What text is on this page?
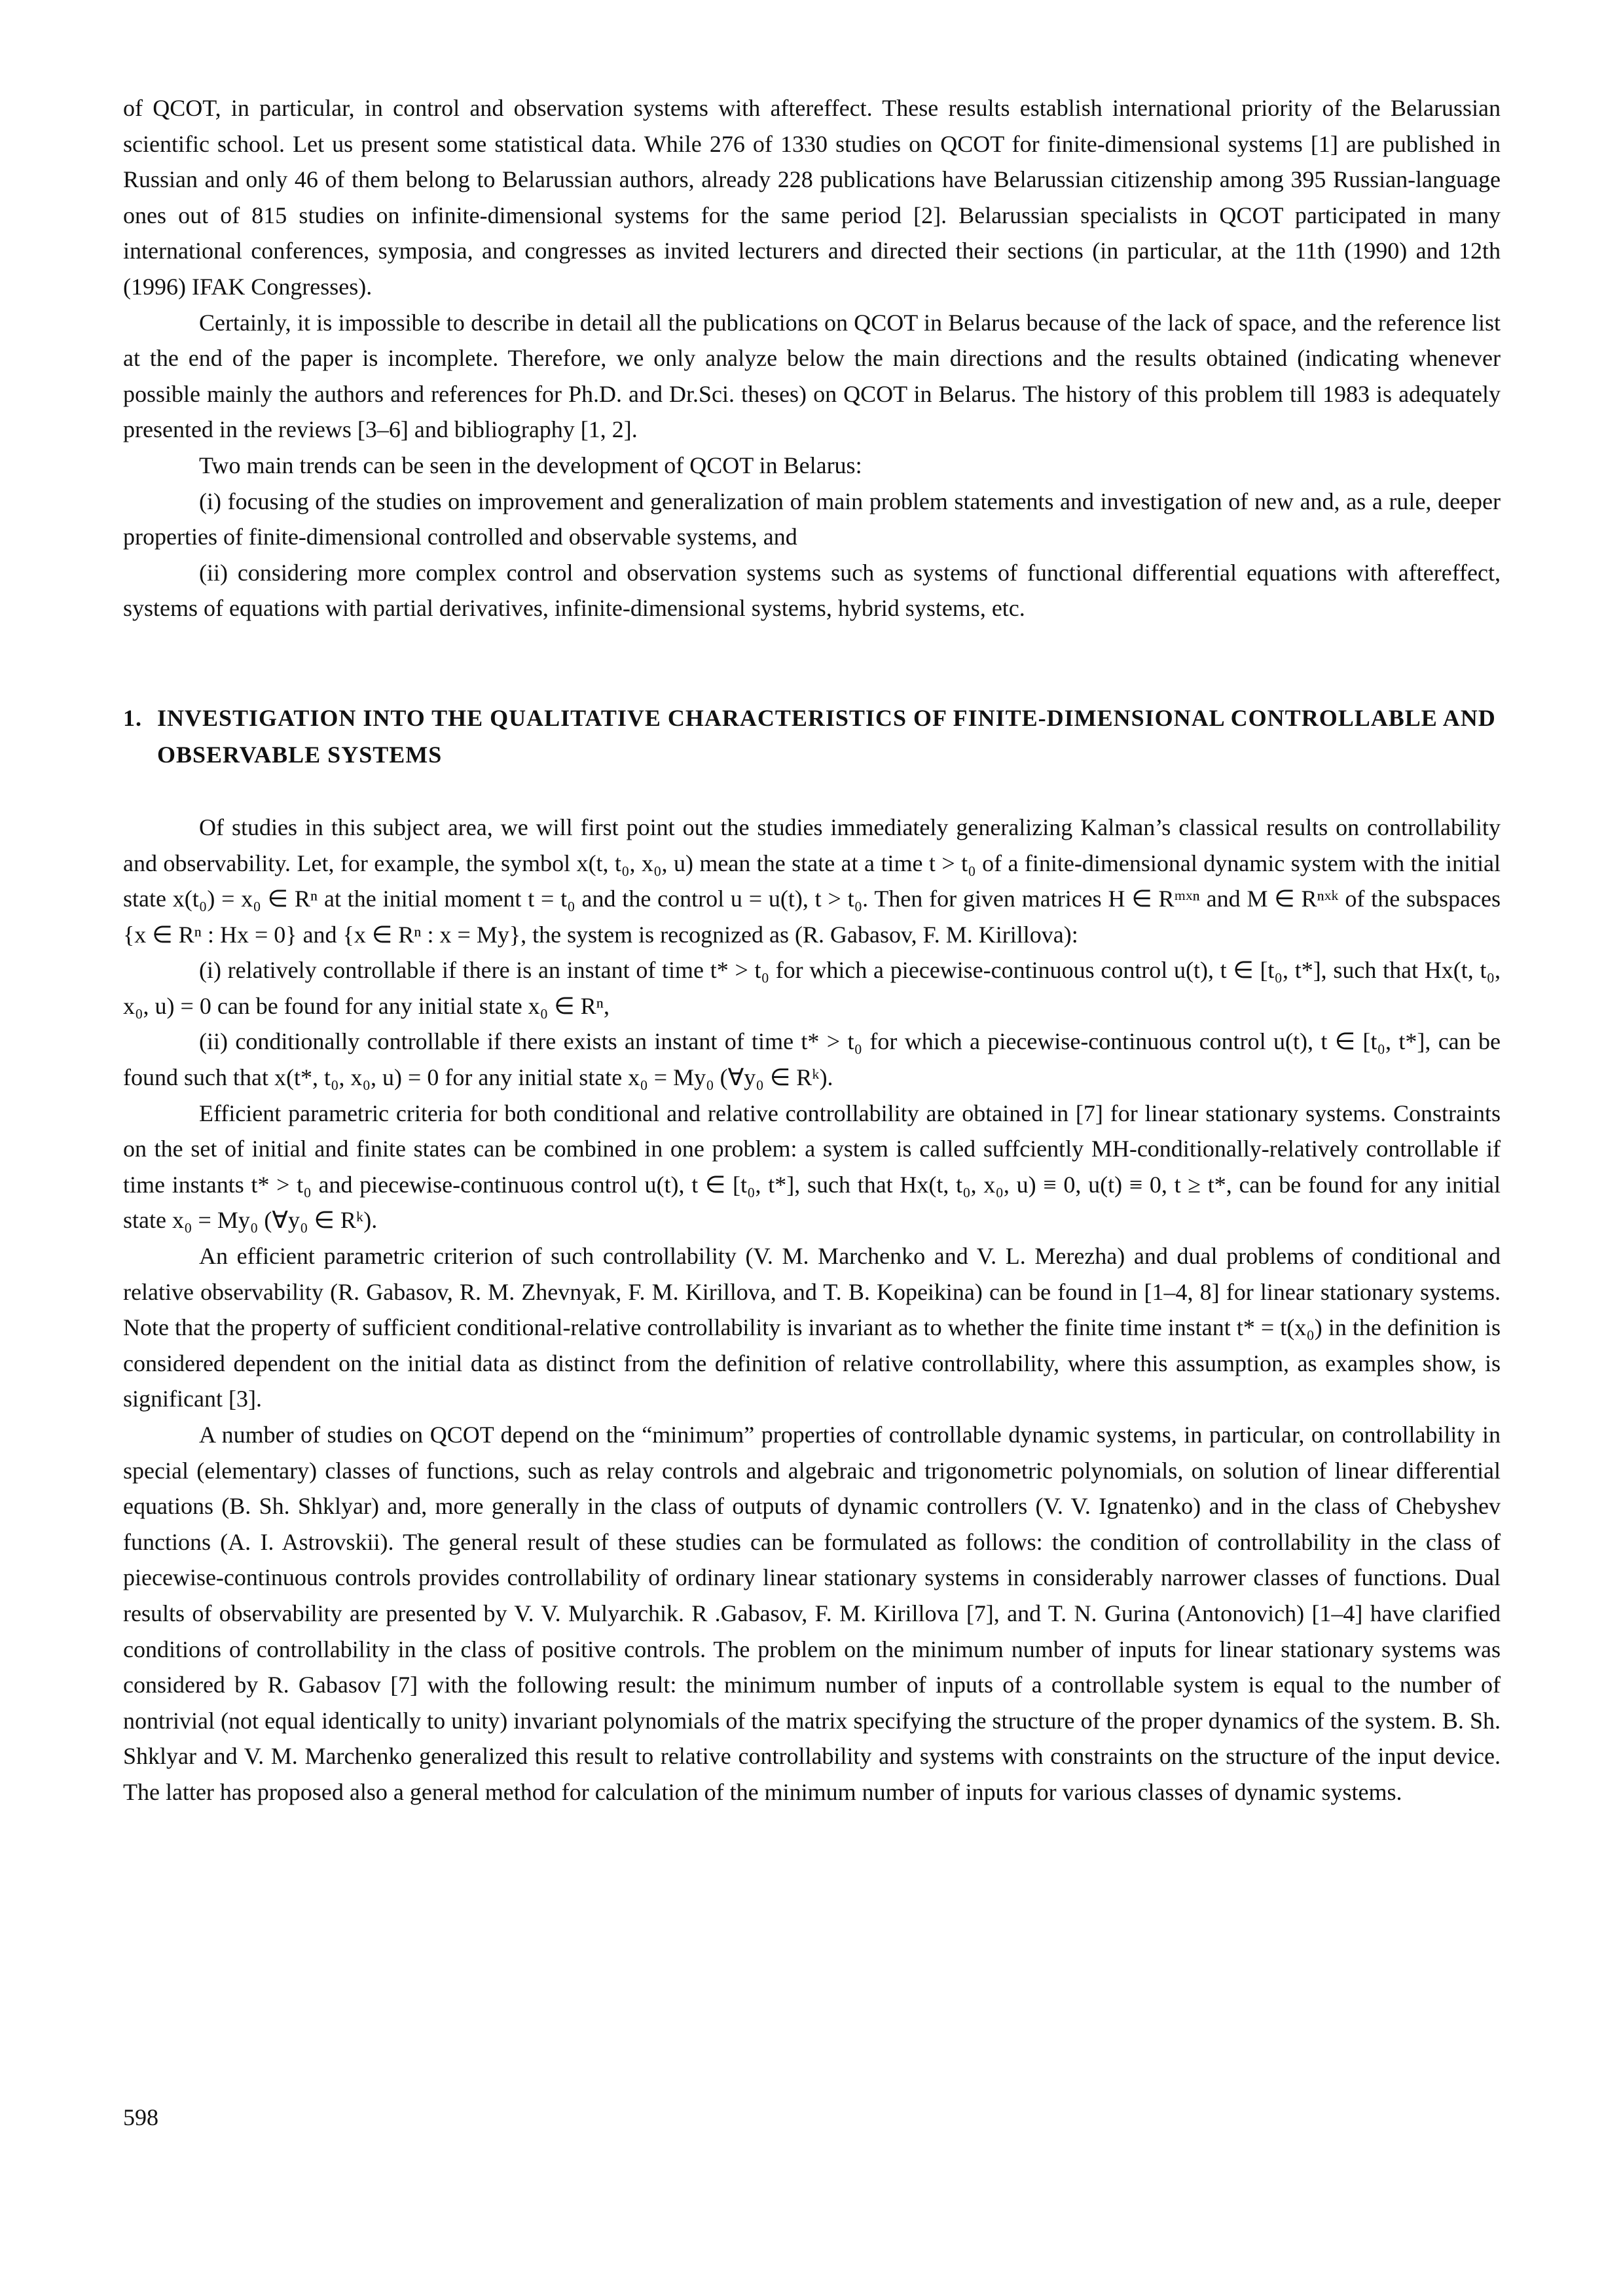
of QCOT, in particular, in control and observation systems with aftereffect. These results establish international priority of the Belarussian scientific school. Let us present some statistical data. While 276 of 1330 studies on QCOT for finite-dimensional systems [1] are published in Russian and only 46 of them belong to Belarussian authors, already 228 publications have Belarussian citizenship among 395 Russian-language ones out of 815 studies on infinite-dimensional systems for the same period [2]. Belarussian specialists in QCOT participated in many international conferences, symposia, and congresses as invited lecturers and directed their sections (in particular, at the 11th (1990) and 12th (1996) IFAK Congresses).

Certainly, it is impossible to describe in detail all the publications on QCOT in Belarus because of the lack of space, and the reference list at the end of the paper is incomplete. Therefore, we only analyze below the main directions and the results obtained (indicating whenever possible mainly the authors and references for Ph.D. and Dr.Sci. theses) on QCOT in Belarus. The history of this problem till 1983 is adequately presented in the reviews [3–6] and bibliography [1, 2].

Two main trends can be seen in the development of QCOT in Belarus:

(i) focusing of the studies on improvement and generalization of main problem statements and investigation of new and, as a rule, deeper properties of finite-dimensional controlled and observable systems, and

(ii) considering more complex control and observation systems such as systems of functional differential equations with aftereffect, systems of equations with partial derivatives, infinite-dimensional systems, hybrid systems, etc.

1. INVESTIGATION INTO THE QUALITATIVE CHARACTERISTICS OF FINITE-DIMENSIONAL CONTROLLABLE AND OBSERVABLE SYSTEMS

Of studies in this subject area, we will first point out the studies immediately generalizing Kalman’s classical results on controllability and observability. Let, for example, the symbol x(t, t₀, x₀, u) mean the state at a time t > t₀ of a finite-dimensional dynamic system with the initial state x(t₀) = x₀ ∈ Rⁿ at the initial moment t = t₀ and the control u = u(t), t > t₀. Then for given matrices H ∈ Rᵐˣⁿ and M ∈ Rⁿˣᵏ of the subspaces {x ∈ Rⁿ : Hx = 0} and {x ∈ Rⁿ : x = My}, the system is recognized as (R. Gabasov, F. M. Kirillova):

(i) relatively controllable if there is an instant of time t* > t₀ for which a piecewise-continuous control u(t), t ∈ [t₀, t*], such that Hx(t, t₀, x₀, u) = 0 can be found for any initial state x₀ ∈ Rⁿ,

(ii) conditionally controllable if there exists an instant of time t* > t₀ for which a piecewise-continuous control u(t), t ∈ [t₀, t*], can be found such that x(t*, t₀, x₀, u) = 0 for any initial state x₀ = My₀ (∀y₀ ∈ Rᵏ).

Efficient parametric criteria for both conditional and relative controllability are obtained in [7] for linear stationary systems. Constraints on the set of initial and finite states can be combined in one problem: a system is called suffciently MH-conditionally-relatively controllable if time instants t* > t₀ and piecewise-continuous control u(t), t ∈ [t₀, t*], such that Hx(t, t₀, x₀, u) ≡ 0, u(t) ≡ 0, t ≥ t*, can be found for any initial state x₀ = My₀ (∀y₀ ∈ Rᵏ).

An efficient parametric criterion of such controllability (V. M. Marchenko and V. L. Merezha) and dual problems of conditional and relative observability (R. Gabasov, R. M. Zhevnyak, F. M. Kirillova, and T. B. Kopeikina) can be found in [1–4, 8] for linear stationary systems. Note that the property of sufficient conditional-relative controllability is invariant as to whether the finite time instant t* = t(x₀) in the definition is considered dependent on the initial data as distinct from the definition of relative controllability, where this assumption, as examples show, is significant [3].

A number of studies on QCOT depend on the “minimum” properties of controllable dynamic systems, in particular, on controllability in special (elementary) classes of functions, such as relay controls and algebraic and trigonometric polynomials, on solution of linear differential equations (B. Sh. Shklyar) and, more generally in the class of outputs of dynamic controllers (V. V. Ignatenko) and in the class of Chebyshev functions (A. I. Astrovskii). The general result of these studies can be formulated as follows: the condition of controllability in the class of piecewise-continuous controls provides controllability of ordinary linear stationary systems in considerably narrower classes of functions. Dual results of observability are presented by V. V. Mulyarchik. R .Gabasov, F. M. Kirillova [7], and T. N. Gurina (Antonovich) [1–4] have clarified conditions of controllability in the class of positive controls. The problem on the minimum number of inputs for linear stationary systems was considered by R. Gabasov [7] with the following result: the minimum number of inputs of a controllable system is equal to the number of nontrivial (not equal identically to unity) invariant polynomials of the matrix specifying the structure of the proper dynamics of the system. B. Sh. Shklyar and V. M. Marchenko generalized this result to relative controllability and systems with constraints on the structure of the input device. The latter has proposed also a general method for calculation of the minimum number of inputs for various classes of dynamic systems.

598
